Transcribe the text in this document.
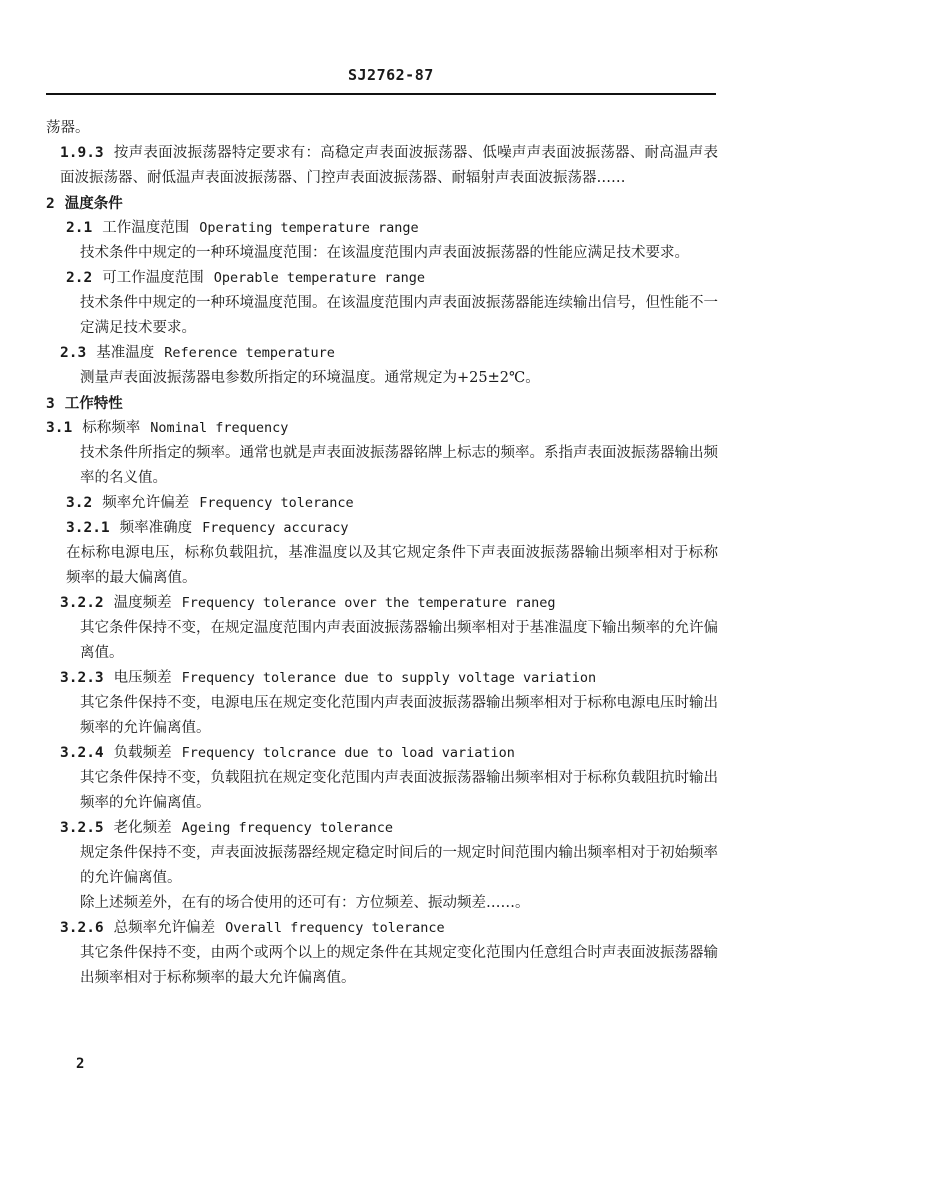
SJ2762-87
荡器。
1.9.3 按声表面波振荡器特定要求有：高稳定声表面波振荡器、低噪声声表面波振荡器、耐高温声表面波振荡器、耐低温声表面波振荡器、门控声表面波振荡器、耐辐射声表面波振荡器……
2 温度条件
2.1 工作温度范围 Operating temperature range
技术条件中规定的一种环境温度范围：在该温度范围内声表面波振荡器的性能应满足技术要求。
2.2 可工作温度范围 Operable temperature range
技术条件中规定的一种环境温度范围。在该温度范围内声表面波振荡器能连续输出信号，但性能不一定满足技术要求。
2.3 基准温度 Reference temperature
测量声表面波振荡器电参数所指定的环境温度。通常规定为+25±2℃。
3 工作特性
3.1 标称频率 Nominal frequency
技术条件所指定的频率。通常也就是声表面波振荡器铭牌上标志的频率。系指声表面波振荡器输出频率的名义值。
3.2 频率允许偏差 Frequency tolerance
3.2.1 频率准确度 Frequency accuracy
在标称电源电压，标称负载阻抗，基准温度以及其它规定条件下声表面波振荡器输出频率相对于标称频率的最大偏离值。
3.2.2 温度频差 Frequency tolerance over the temperature raneg
其它条件保持不变，在规定温度范围内声表面波振荡器输出频率相对于基准温度下输出频率的允许偏离值。
3.2.3 电压频差 Frequency tolerance due to supply voltage variation
其它条件保持不变，电源电压在规定变化范围内声表面波振荡器输出频率相对于标称电源电压时输出频率的允许偏离值。
3.2.4 负载频差 Frequency tolcrance due to load variation
其它条件保持不变，负载阻抗在规定变化范围内声表面波振荡器输出频率相对于标称负载阻抗时输出频率的允许偏离值。
3.2.5 老化频差 Ageing frequency tolerance
规定条件保持不变，声表面波振荡器经规定稳定时间后的一规定时间范围内输出频率相对于初始频率的允许偏离值。
除上述频差外，在有的场合使用的还可有：方位频差、振动频差……。
3.2.6 总频率允许偏差 Overall frequency tolerance
其它条件保持不变，由两个或两个以上的规定条件在其规定变化范围内任意组合时声表面波振荡器输出频率相对于标称频率的最大允许偏离值。
2
